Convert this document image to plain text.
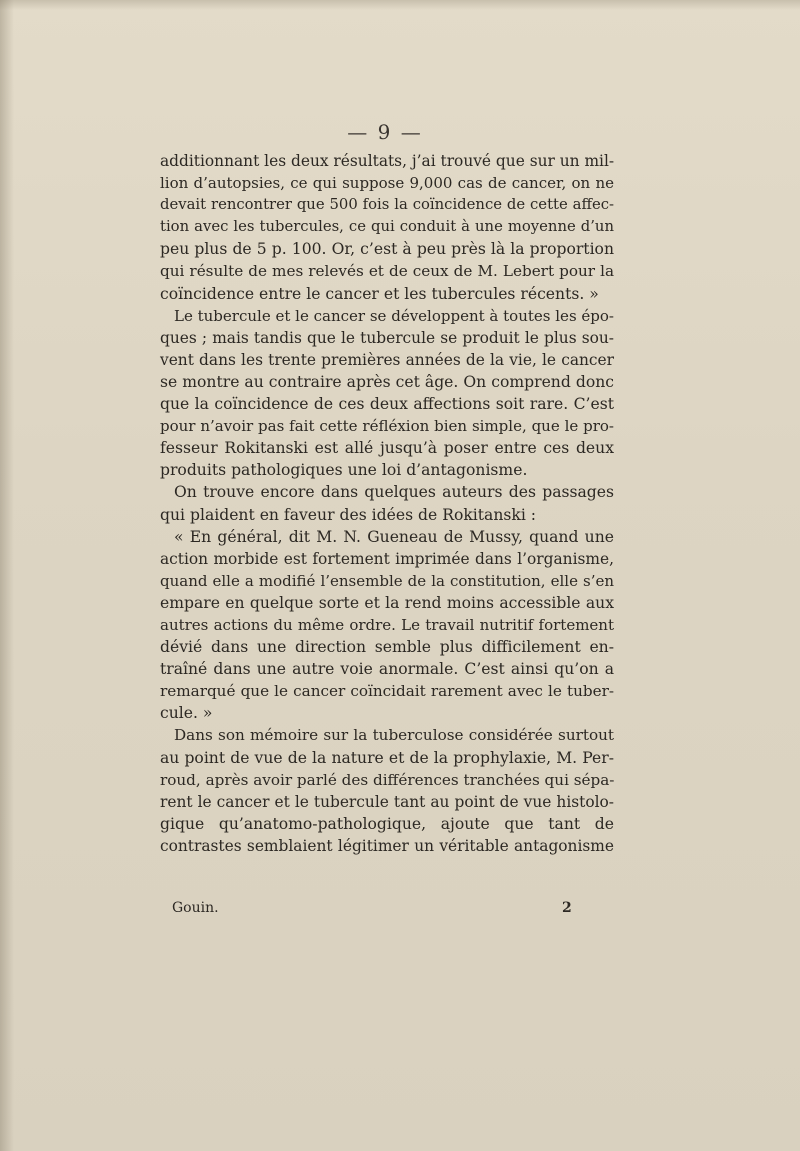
— 9 —
additionnant les deux résultats, j’ai trouvé que sur un mil-
lion d’autopsies, ce qui suppose 9,000 cas de cancer, on ne
devait rencontrer que 500 fois la coïncidence de cette affec-
tion avec les tubercules, ce qui conduit à une moyenne d’un
peu plus de 5 p. 100. Or, c’est à peu près là la proportion
qui résulte de mes relevés et de ceux de M. Lebert pour la
coïncidence entre le cancer et les tubercules récents. »
Le tubercule et le cancer se développent à toutes les épo-
ques ; mais tandis que le tubercule se produit le plus sou-
vent dans les trente premières années de la vie, le cancer
se montre au contraire après cet âge. On comprend donc
que la coïncidence de ces deux affections soit rare. C’est
pour n’avoir pas fait cette réfléxion bien simple, que le pro-
fesseur Rokitanski est allé jusqu’à poser entre ces deux
produits pathologiques une loi d’antagonisme.
On trouve encore dans quelques auteurs des passages
qui plaident en faveur des idées de Rokitanski :
« En général, dit M. N. Gueneau de Mussy, quand une
action morbide est fortement imprimée dans l’organisme,
quand elle a modifié l’ensemble de la constitution, elle s’en
empare en quelque sorte et la rend moins accessible aux
autres actions du même ordre. Le travail nutritif fortement
dévié dans une direction semble plus difficilement en-
traîné dans une autre voie anormale. C’est ainsi qu’on a
remarqué que le cancer coïncidait rarement avec le tuber-
cule. »
Dans son mémoire sur la tuberculose considérée surtout
au point de vue de la nature et de la prophylaxie, M. Per-
roud, après avoir parlé des différences tranchées qui sépa-
rent le cancer et le tubercule tant au point de vue histolo-
gique qu’anatomo-pathologique, ajoute que tant de
contrastes semblaient légitimer un véritable antagonisme
Gouin.	2
